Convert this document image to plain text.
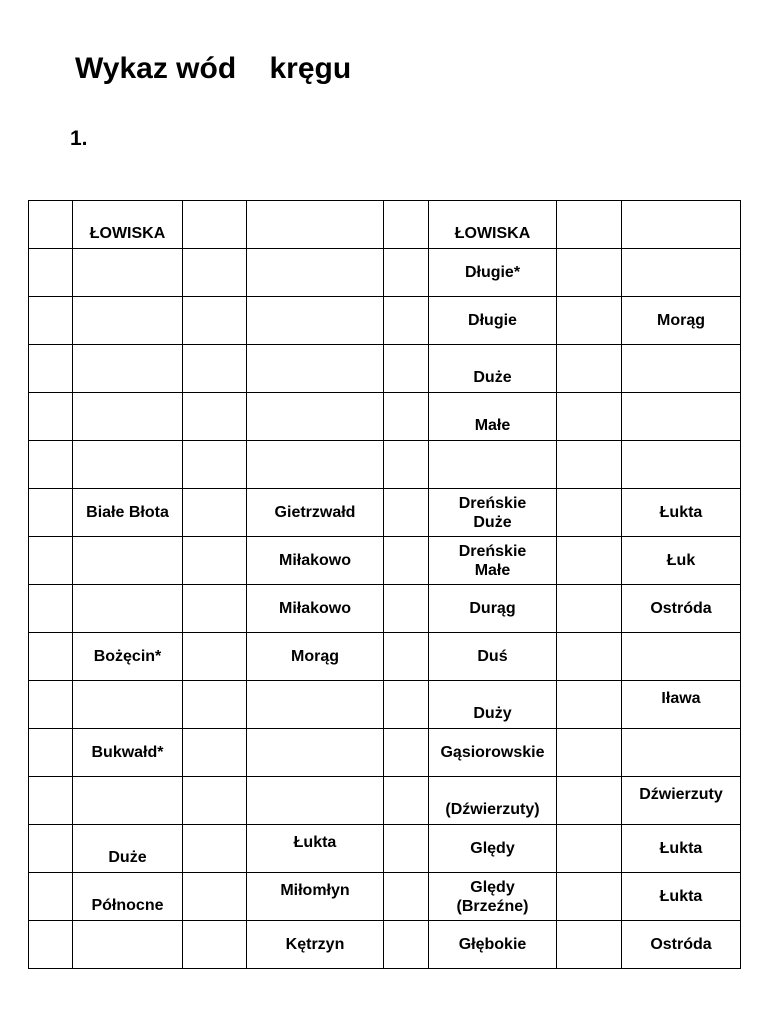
Wykaz wód    kręgu
1.

	ŁOWISKA				ŁOWISKA		

					Długie*		
					Długie		Morąg

					Duże		

					Małe		

	Białe Błota		Gietrzwałd		Dreńskie
Duże		Łukta
			Miłakowo		Dreńskie
Małe		Łuk
			Miłakowo		Durąg		Ostróda
	Bożęcin*		Morąg		Duś		

					Duży		Iława

	Bukwałd*				Gąsiorowskie		

					(Dźwierzuty)		Dźwierzuty

	Duże		Łukta		Ględy		Łukta

	Północne		Miłomłyn		Ględy
(Brzeźne)		Łukta
			Kętrzyn		Głębokie		Ostróda
